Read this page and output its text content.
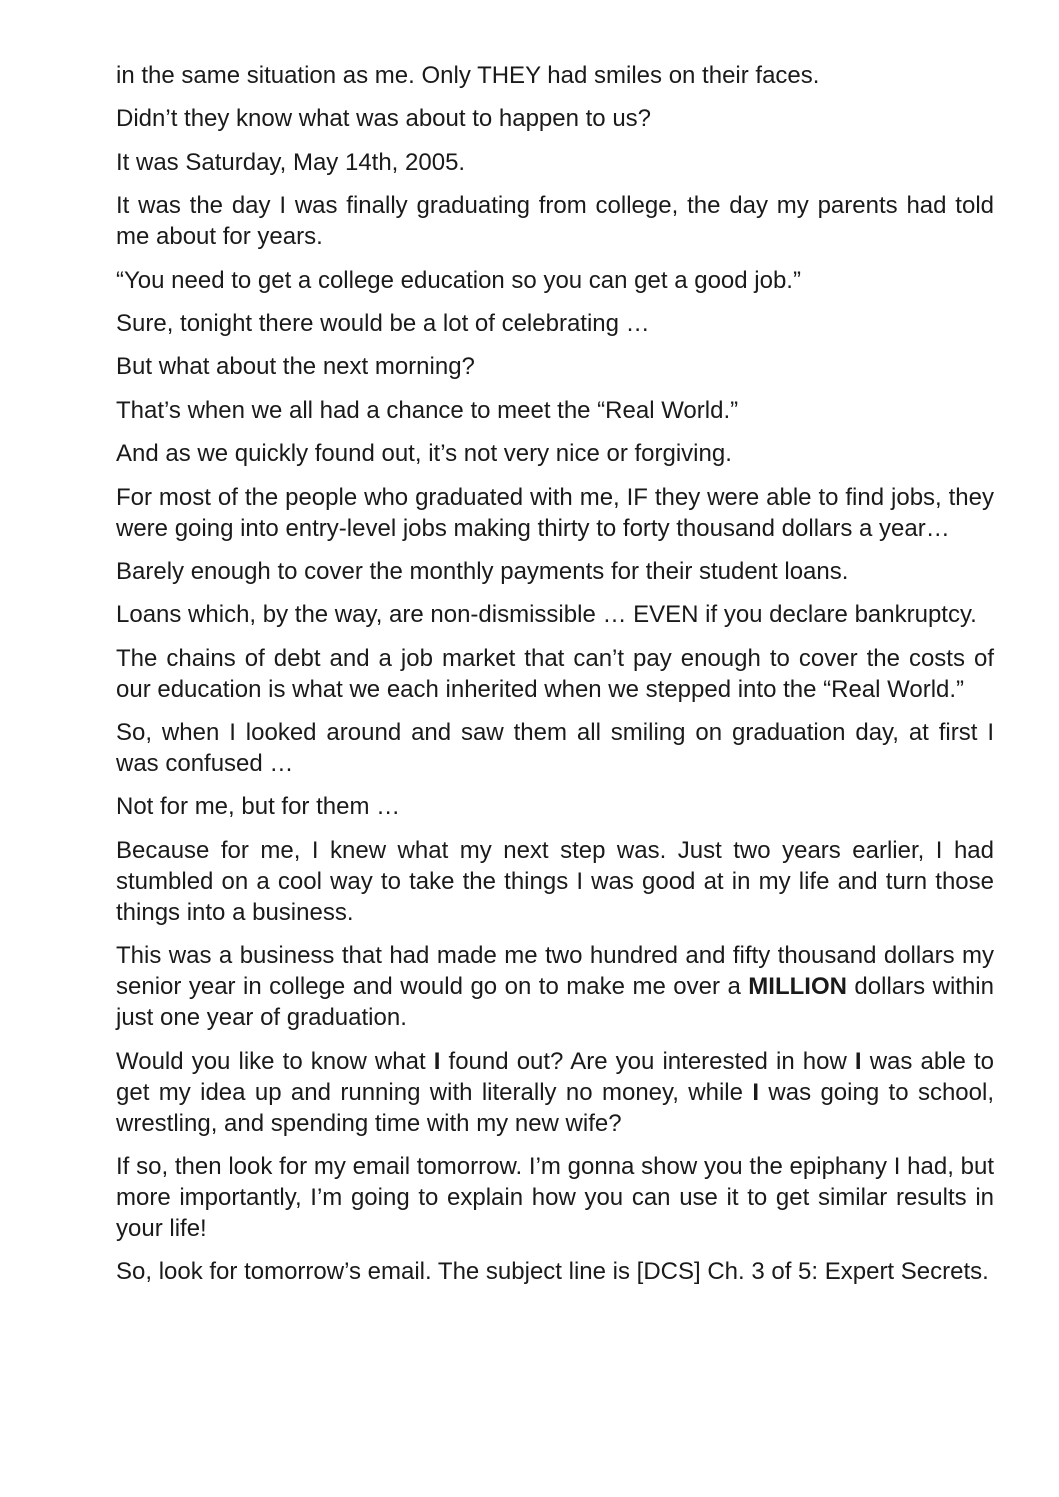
in the same situation as me. Only THEY had smiles on their faces.

Didn’t they know what was about to happen to us?

It was Saturday, May 14th, 2005.

It was the day I was finally graduating from college, the day my parents had told me about for years.

“You need to get a college education so you can get a good job.”

Sure, tonight there would be a lot of celebrating …

But what about the next morning?

That’s when we all had a chance to meet the “Real World.”

And as we quickly found out, it’s not very nice or forgiving.

For most of the people who graduated with me, IF they were able to find jobs, they were going into entry-level jobs making thirty to forty thousand dollars a year…

Barely enough to cover the monthly payments for their student loans.

Loans which, by the way, are non-dismissible … EVEN if you declare bankruptcy.

The chains of debt and a job market that can’t pay enough to cover the costs of our education is what we each inherited when we stepped into the “Real World.”

So, when I looked around and saw them all smiling on graduation day, at first I was confused …

Not for me, but for them …

Because for me, I knew what my next step was. Just two years earlier, I had stumbled on a cool way to take the things I was good at in my life and turn those things into a business.

This was a business that had made me two hundred and fifty thousand dollars my senior year in college and would go on to make me over a MILLION dollars within just one year of graduation.

Would you like to know what I found out? Are you interested in how I was able to get my idea up and running with literally no money, while I was going to school, wrestling, and spending time with my new wife?

If so, then look for my email tomorrow. I’m gonna show you the epiphany I had, but more importantly, I’m going to explain how you can use it to get similar results in your life!

So, look for tomorrow’s email. The subject line is [DCS] Ch. 3 of 5: Expert Secrets.
